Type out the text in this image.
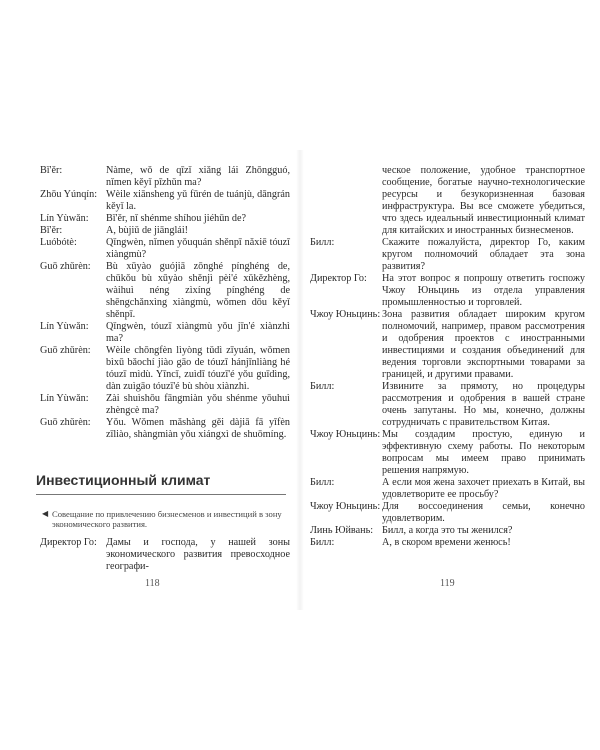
Bǐ'ěr:	Nàme, wǒ de qīzǐ xiǎng lái Zhōngguó, nǐmen kěyǐ pīzhǔn ma?
Zhōu Yúnqín: Wèile xiānsheng yǔ fūrén de tuánjù, dāngrán kěyǐ la.
Lín Yùwǎn:	Bǐ'ěr, nǐ shénme shíhou jiéhūn de?
Bǐ'ěr:	A, bùjiǔ de jiānglái!
Luóbótè:	Qǐngwèn, nǐmen yǒuquán shěnpī nǎxiē tóuzī xiàngmù?
Guō zhǔrèn:	Bù xūyào guójiā zōnghé pínghéng de, chūkǒu bù xūyào shěnjì pèi'é xǔkězhèng, wàihuì néng zìxíng pínghéng de shēngchǎnxìng xiàngmù, wǒmen dōu kěyǐ shěnpī.
Lín Yùwǎn:	Qǐngwèn, tóuzī xiàngmù yǒu jīn'é xiànzhì ma?
Guō zhǔrèn:	Wèile chōngfèn lìyòng tǔdì zīyuán, wǒmen bìxū bǎochí jiào gāo de tóuzī hánjīnliàng hé tóuzī mìdù. Yīncǐ, zuìdī tóuzī'é yǒu guīdìng, dàn zuìgāo tóuzī'é bù shòu xiànzhì.
Lín Yùwǎn:	Zài shuìshōu fāngmiàn yǒu shénme yōuhuì zhèngcè ma?
Guō zhǔrèn:	Yǒu. Wǒmen mǎshàng gěi dàjiā fā yīfèn zīliào, shàngmiàn yǒu xiángxì de shuōmíng.
Инвестиционный климат
◀ Совещание по привлечению бизнесменов и инвестиций в зону экономического развития.
Директор Го: Дамы и господа, у нашей зоны экономического развития превосходное географи-
118
ческое положение, удобное транспортное сообщение, богатые научно-технологические ресурсы и безукоризненная базовая инфраструктура. Вы все сможете убедиться, что здесь идеальный инвестиционный климат для китайских и иностранных бизнесменов.
Билл:	Скажите пожалуйста, директор Го, каким кругом полномочий обладает эта зона развития?
Директор Го:	На этот вопрос я попрошу ответить госпожу Чжоу Юньцинь из отдела управления промышленностью и торговлей.
Чжоу Юньцинь: Зона развития обладает широким кругом полномочий, например, правом рассмотрения и одобрения проектов с иностранными инвестициями и создания объединений для ведения торговли экспортными товарами за границей, и другими правами.
Билл:	Извините за прямоту, но процедуры рассмотрения и одобрения в вашей стране очень запутаны. Но мы, конечно, должны сотрудничать с правительством Китая.
Чжоу Юньцинь: Мы создадим простую, единую и эффективную схему работы. По некоторым вопросам мы имеем право принимать решения напрямую.
Билл:	А если моя жена захочет приехать в Китай, вы удовлетворите ее просьбу?
Чжоу Юньцинь: Для воссоединения семьи, конечно удовлетворим.
Линь Юйвань: Билл, а когда это ты женился?
Билл:	А, в скором времени женюсь!
119
